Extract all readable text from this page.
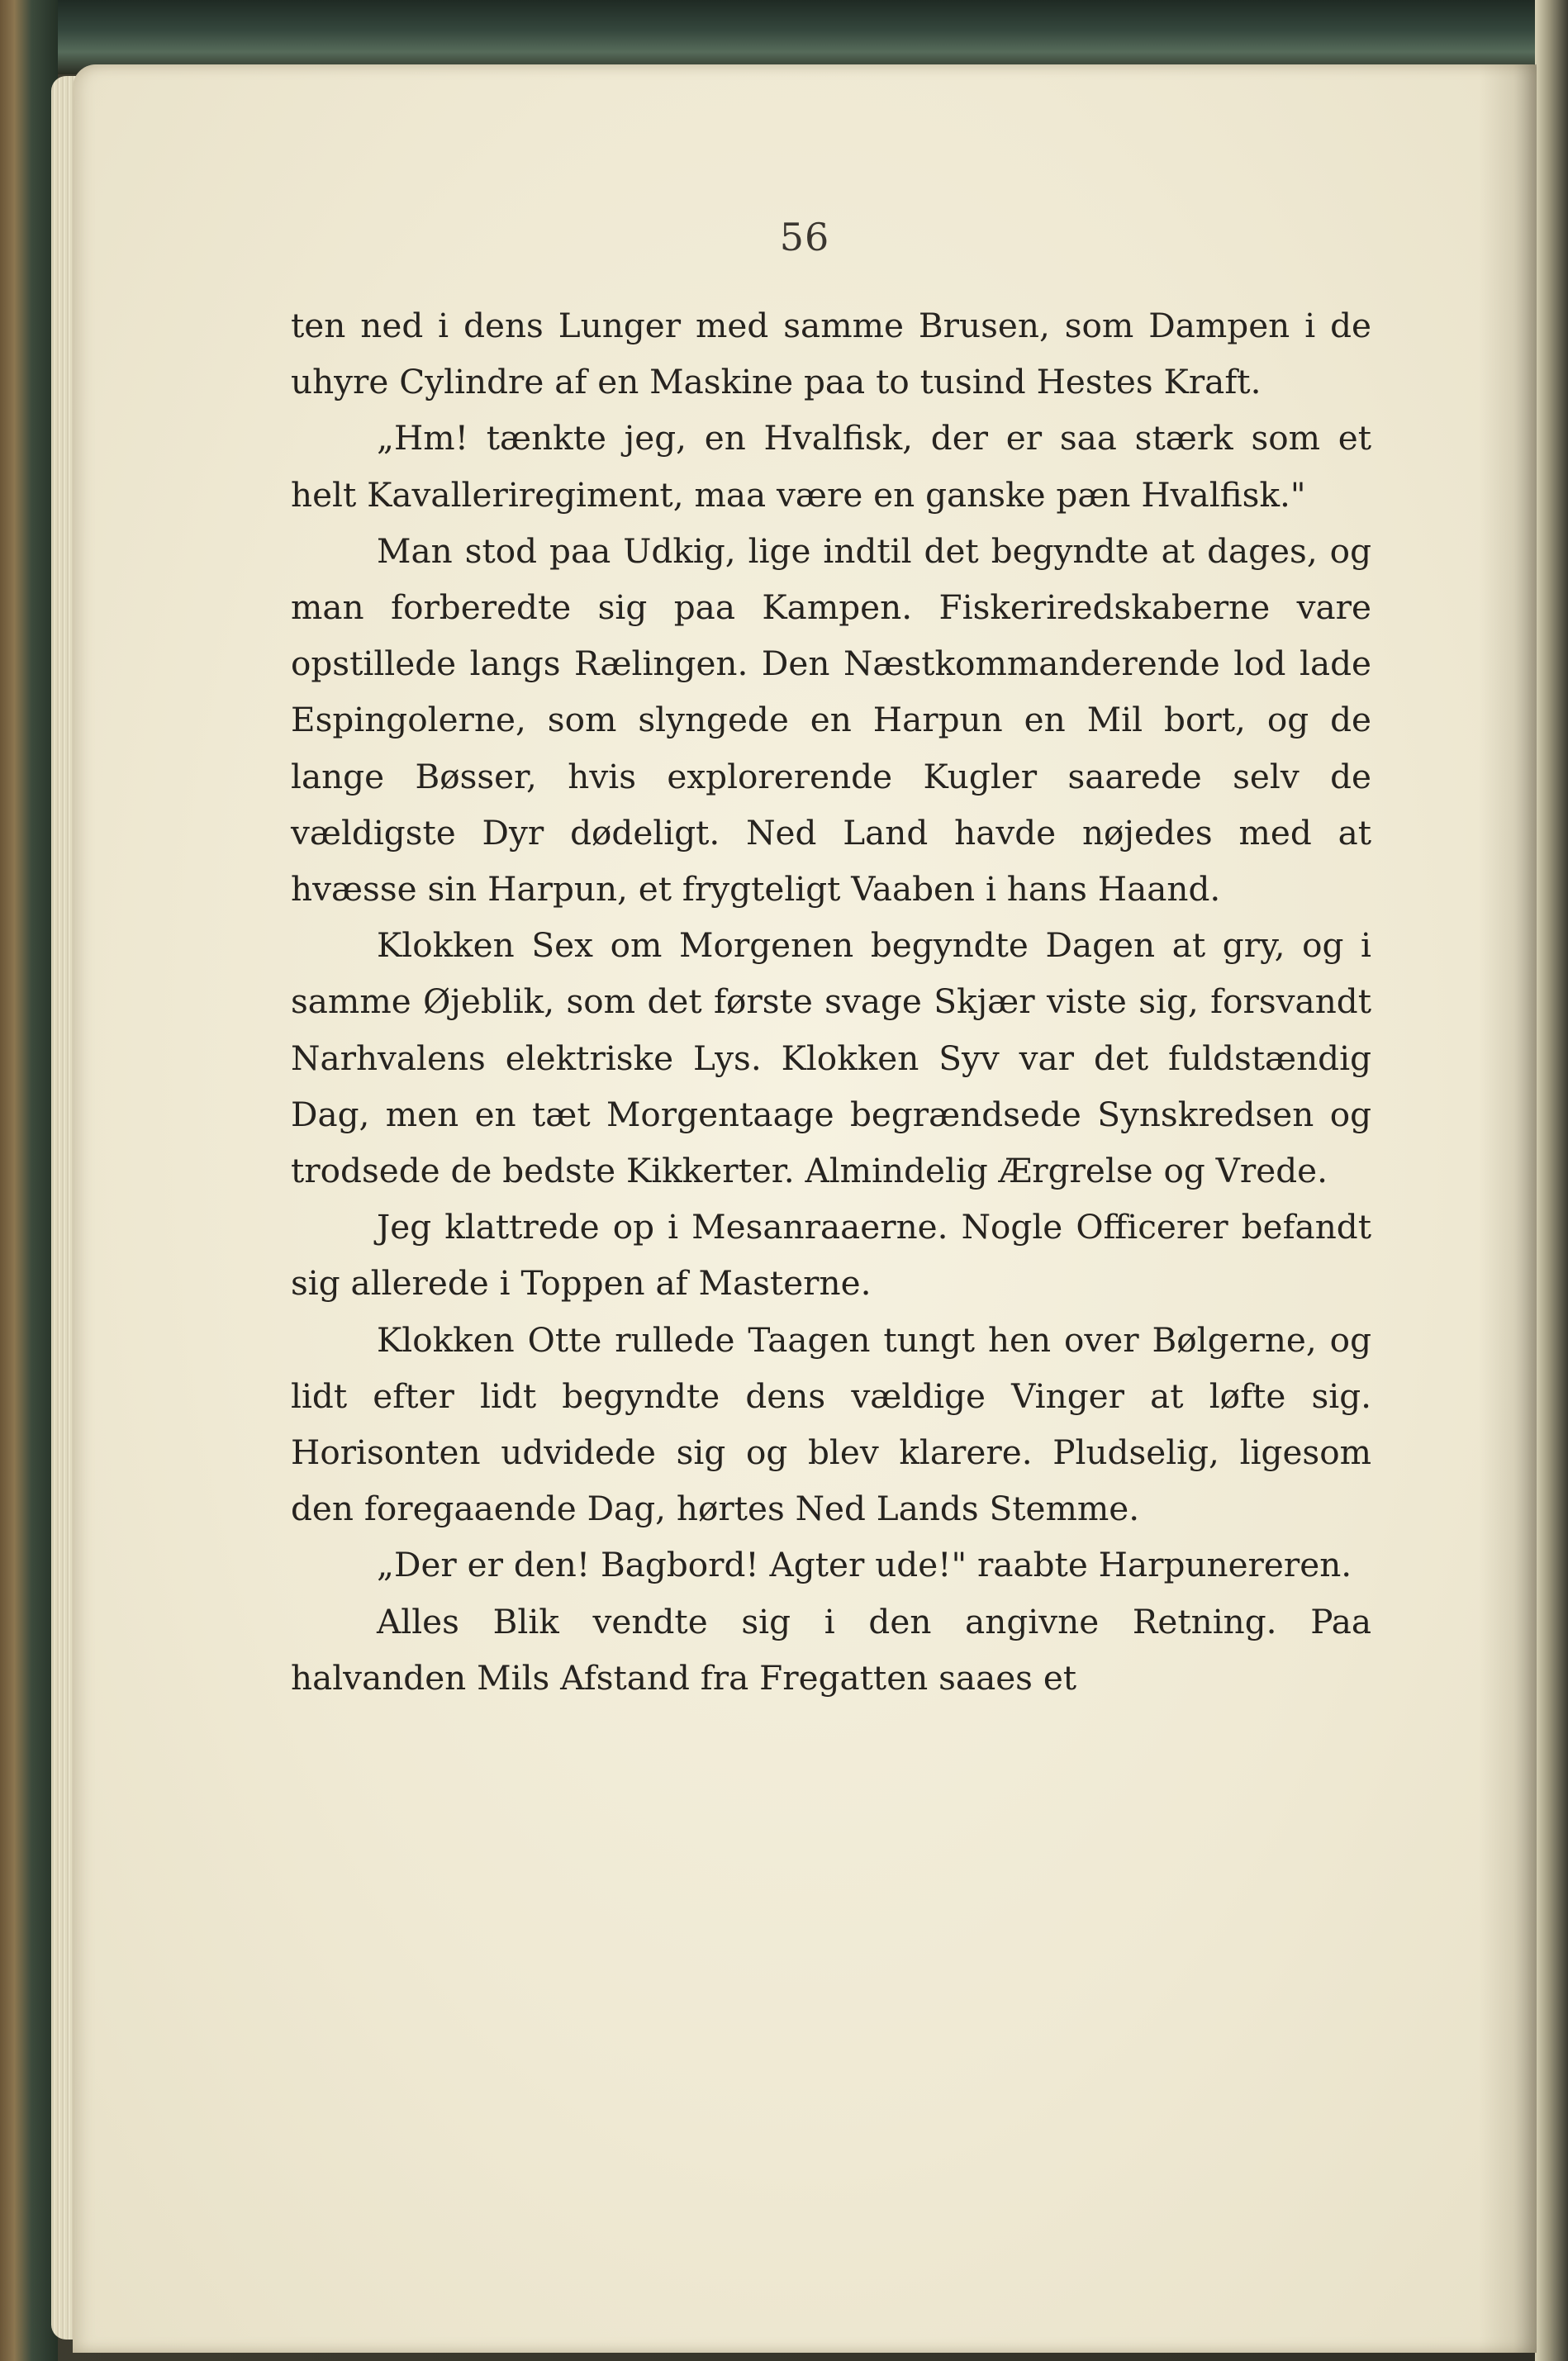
56

ten ned i dens Lunger med samme Brusen, som Dampen i de uhyre Cylindre af en Maskine paa to tusind Hestes Kraft.

„Hm! tænkte jeg, en Hvalfisk, der er saa stærk som et helt Kavalleriregiment, maa være en ganske pæn Hvalfisk."

Man stod paa Udkig, lige indtil det begyndte at dages, og man forberedte sig paa Kampen. Fiskeriredskaberne vare opstillede langs Rælingen. Den Næstkommanderende lod lade Espingolerne, som slyngede en Harpun en Mil bort, og de lange Bøsser, hvis explorerende Kugler saarede selv de vældigste Dyr dødeligt. Ned Land havde nøjedes med at hvæsse sin Harpun, et frygteligt Vaaben i hans Haand.

Klokken Sex om Morgenen begyndte Dagen at gry, og i samme Øjeblik, som det første svage Skjær viste sig, forsvandt Narhvalens elektriske Lys. Klokken Syv var det fuldstændig Dag, men en tæt Morgentaage begrændsede Synskredsen og trodsede de bedste Kikkerter. Almindelig Ærgrelse og Vrede.

Jeg klattrede op i Mesanraaerne. Nogle Officerer befandt sig allerede i Toppen af Masterne.

Klokken Otte rullede Taagen tungt hen over Bølgerne, og lidt efter lidt begyndte dens vældige Vinger at løfte sig. Horisonten udvidede sig og blev klarere. Pludselig, ligesom den foregaaende Dag, hørtes Ned Lands Stemme.

„Der er den! Bagbord! Agter ude!" raabte Harpunereren.

Alles Blik vendte sig i den angivne Retning. Paa halvanden Mils Afstand fra Fregatten saaes et
